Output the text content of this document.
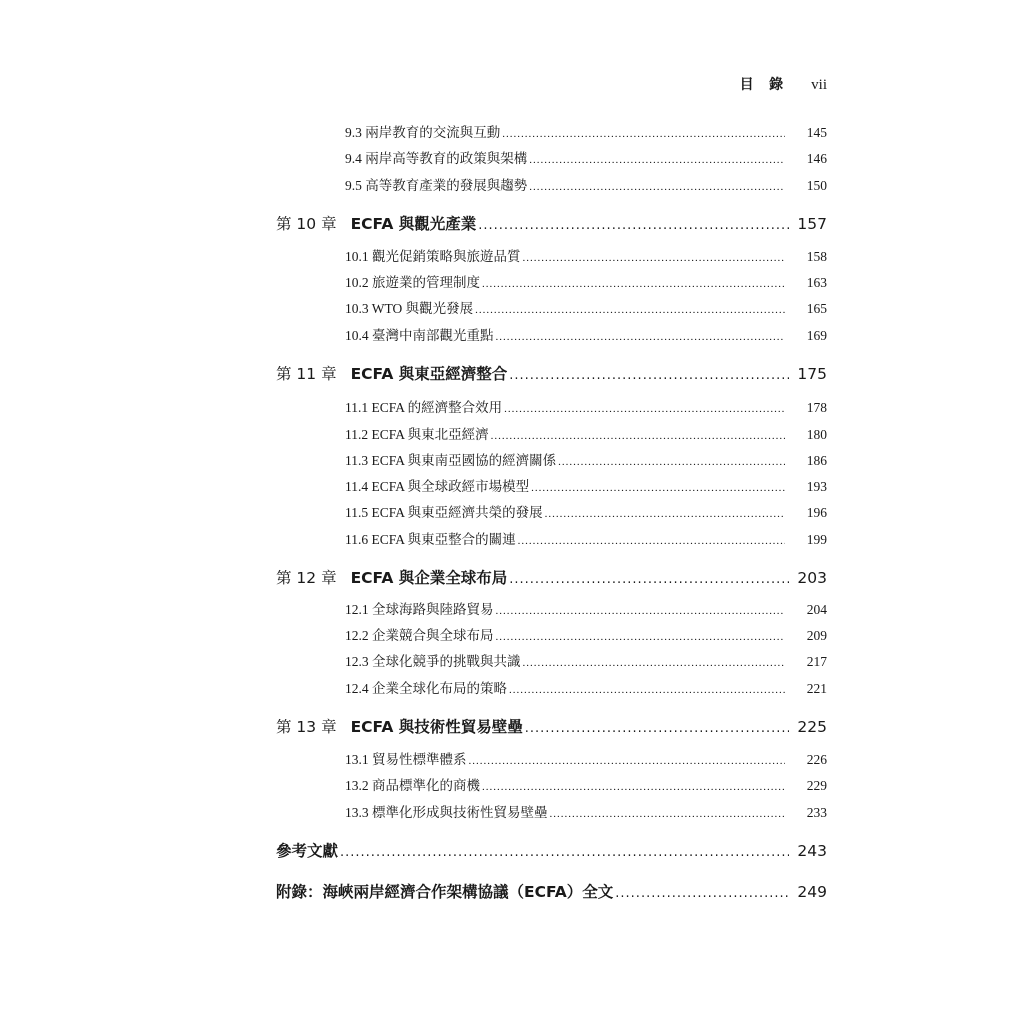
目 錄 vii
9.3 兩岸教育的交流與互動 .....	145
9.4 兩岸高等教育的政策與架構 .....	146
9.5 高等教育產業的發展與趨勢 .....	150
第 10 章 ECFA 與觀光產業 .....	157
10.1 觀光促銷策略與旅遊品質 .....	158
10.2 旅遊業的管理制度 .....	163
10.3 WTO 與觀光發展 .....	165
10.4 臺灣中南部觀光重點 .....	169
第 11 章 ECFA 與東亞經濟整合 .....	175
11.1 ECFA 的經濟整合效用 .....	178
11.2 ECFA 與東北亞經濟 .....	180
11.3 ECFA 與東南亞國協的經濟關係 .....	186
11.4 ECFA 與全球政經市場模型 .....	193
11.5 ECFA 與東亞經濟共榮的發展 .....	196
11.6 ECFA 與東亞整合的關連 .....	199
第 12 章 ECFA 與企業全球布局 .....	203
12.1 全球海路與陸路貿易 .....	204
12.2 企業競合與全球布局 .....	209
12.3 全球化競爭的挑戰與共識 .....	217
12.4 企業全球化布局的策略 .....	221
第 13 章 ECFA 與技術性貿易壁壘 .....	225
13.1 貿易性標準體系 .....	226
13.2 商品標準化的商機 .....	229
13.3 標準化形成與技術性貿易壁壘 .....	233
參考文獻 .....	243
附錄：海峽兩岸經濟合作架構協議（ECFA）全文 .....	249
